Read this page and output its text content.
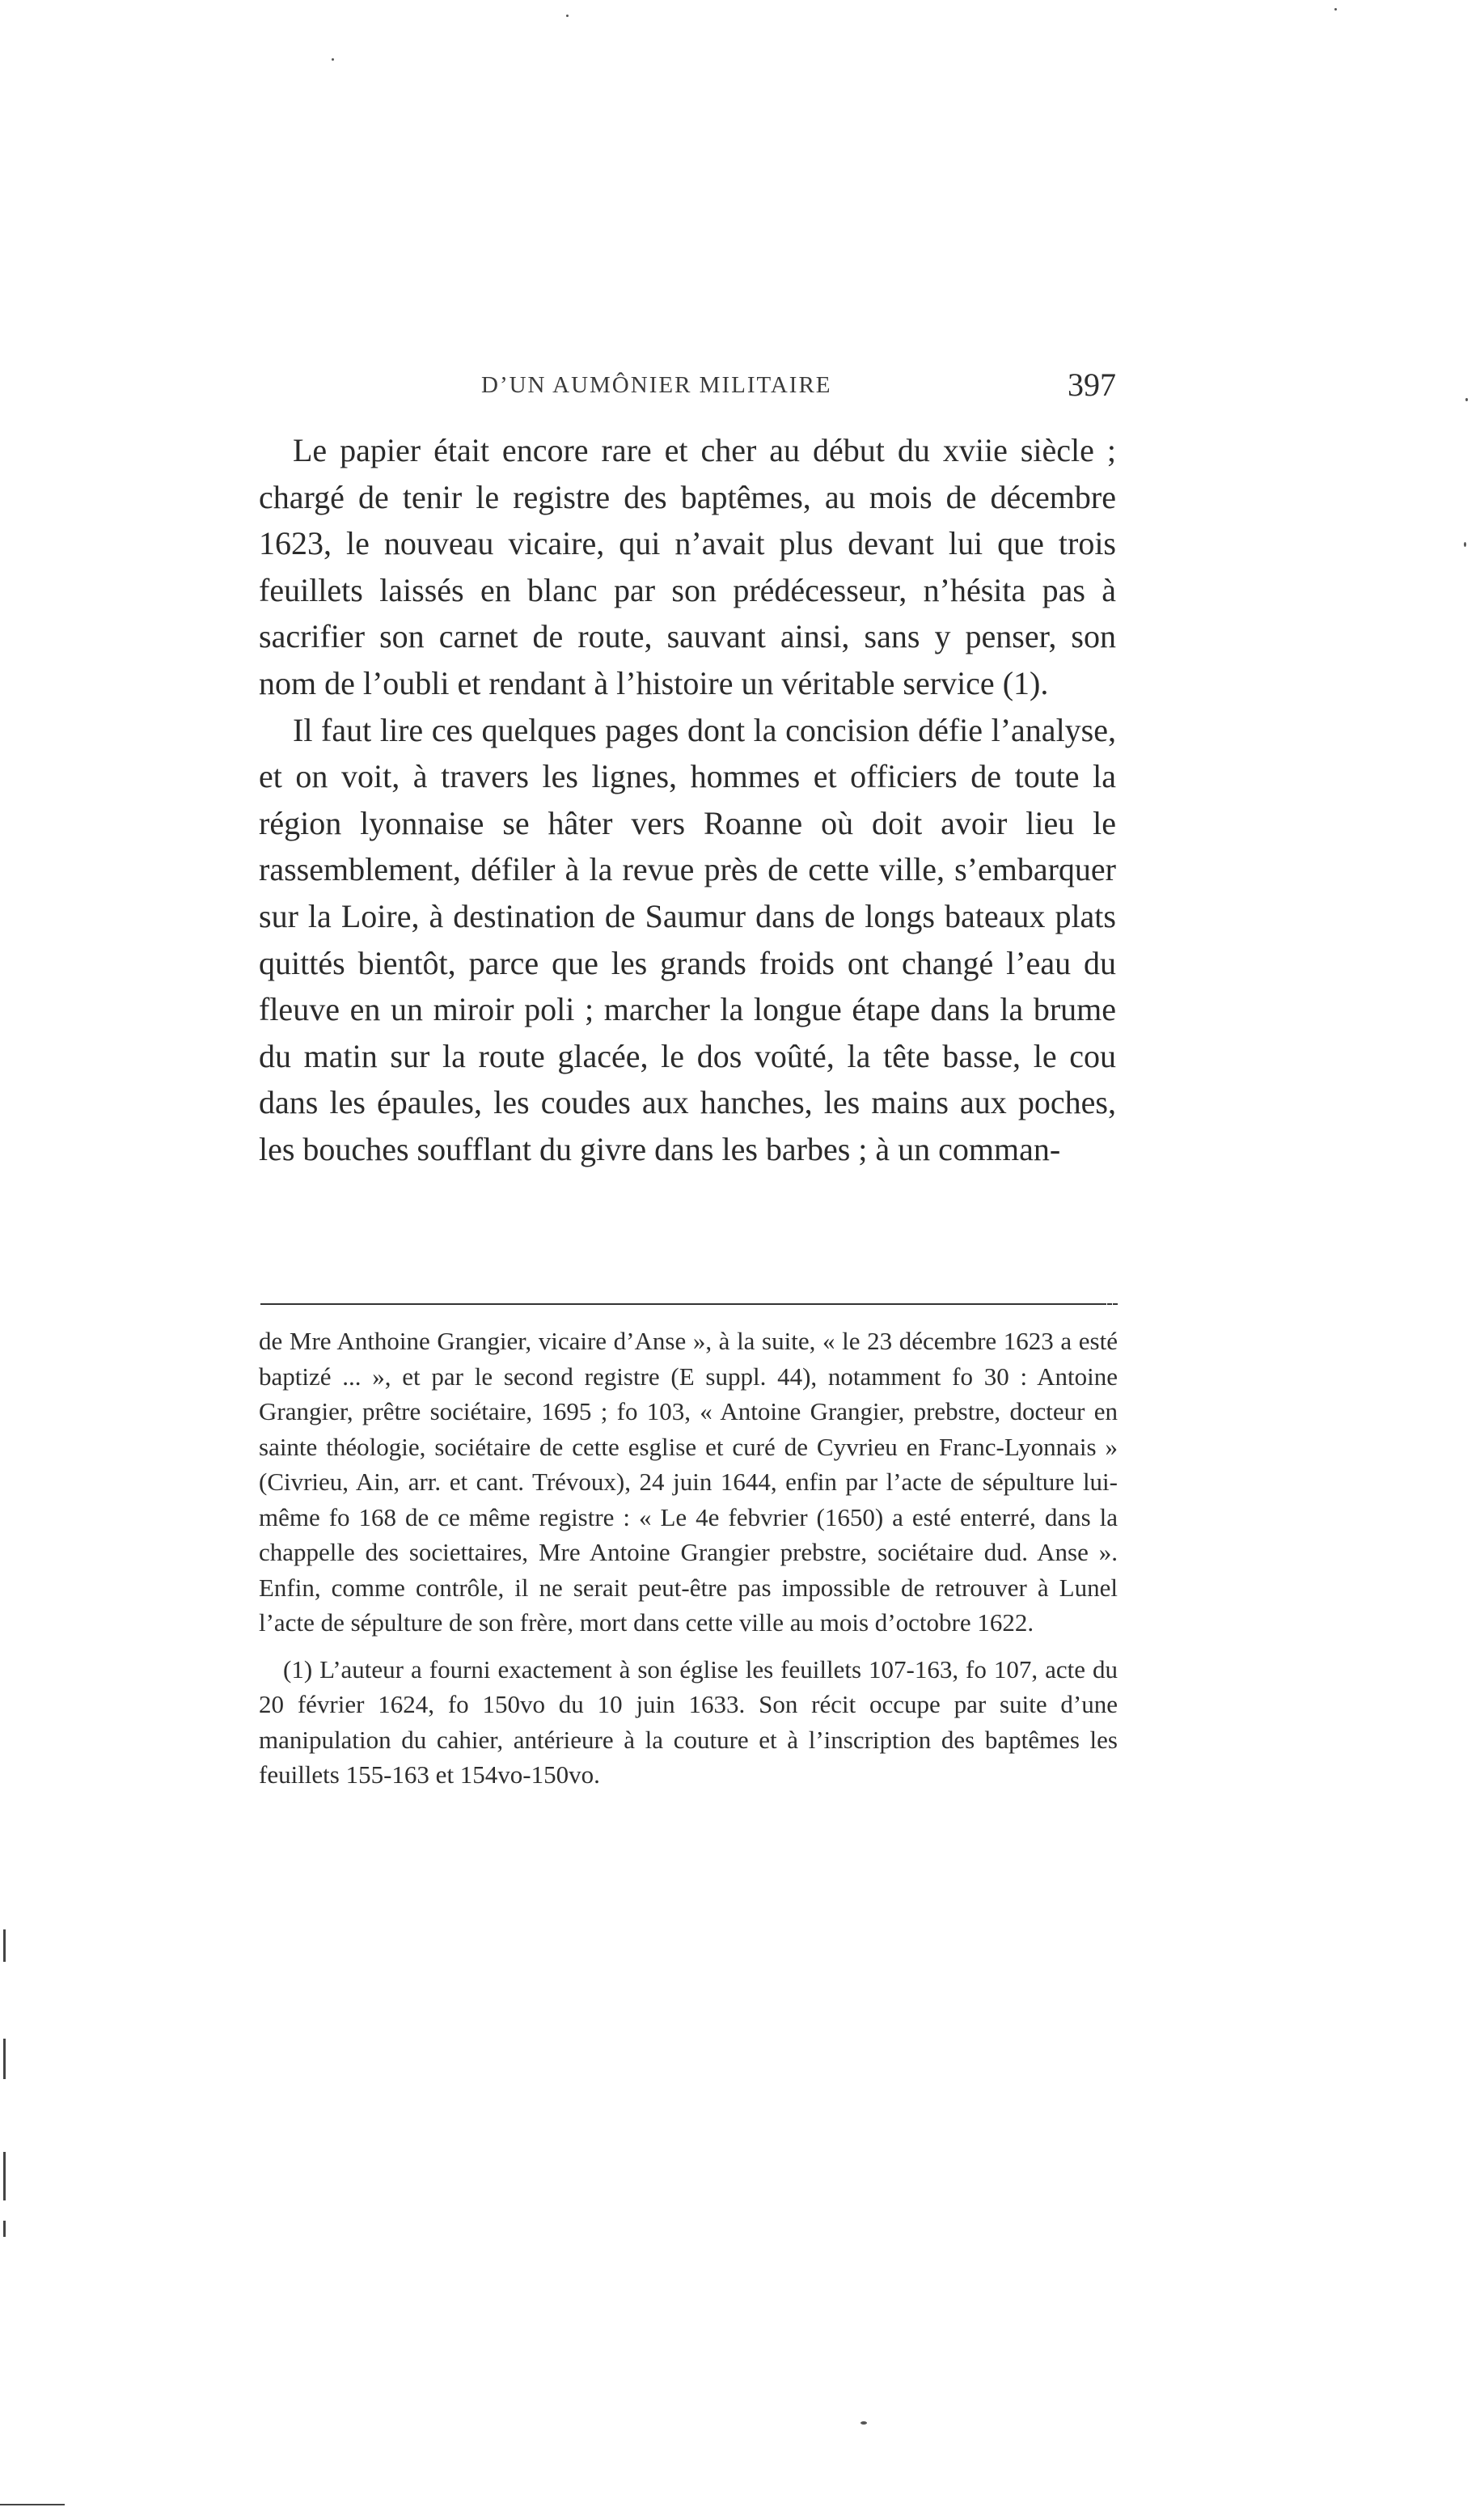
D’UN AUMÔNIER MILITAIRE	397

Le papier était encore rare et cher au début du xviie siècle ; chargé de tenir le registre des baptêmes, au mois de décembre 1623, le nouveau vicaire, qui n’avait plus devant lui que trois feuillets laissés en blanc par son prédécesseur, n’hésita pas à sacrifier son carnet de route, sauvant ainsi, sans y penser, son nom de l’oubli et rendant à l’histoire un véritable service (1).

Il faut lire ces quelques pages dont la concision défie l’analyse, et on voit, à travers les lignes, hommes et officiers de toute la région lyonnaise se hâter vers Roanne où doit avoir lieu le rassemblement, défiler à la revue près de cette ville, s’embarquer sur la Loire, à destination de Saumur dans de longs bateaux plats quittés bientôt, parce que les grands froids ont changé l’eau du fleuve en un miroir poli ; marcher la longue étape dans la brume du matin sur la route glacée, le dos voûté, la tête basse, le cou dans les épaules, les coudes aux hanches, les mains aux poches, les bouches soufflant du givre dans les barbes ; à un comman-

de Mre Anthoine Grangier, vicaire d’Anse », à la suite, « le 23 décembre 1623 a esté baptizé ... », et par le second registre (E suppl. 44), notamment fo 30 : Antoine Grangier, prêtre sociétaire, 1695 ; fo 103, « Antoine Grangier, prebstre, docteur en sainte théologie, sociétaire de cette esglise et curé de Cyvrieu en Franc-Lyonnais » (Civrieu, Ain, arr. et cant. Trévoux), 24 juin 1644, enfin par l’acte de sépulture lui-même fo 168 de ce même registre : « Le 4e febvrier (1650) a esté enterré, dans la chappelle des societtaires, Mre Antoine Grangier prebstre, sociétaire dud. Anse ». Enfin, comme contrôle, il ne serait peut-être pas impossible de retrouver à Lunel l’acte de sépulture de son frère, mort dans cette ville au mois d’octobre 1622.

(1) L’auteur a fourni exactement à son église les feuillets 107-163, fo 107, acte du 20 février 1624, fo 150vo du 10 juin 1633. Son récit occupe par suite d’une manipulation du cahier, antérieure à la couture et à l’inscription des baptêmes les feuillets 155-163 et 154vo-150vo.
